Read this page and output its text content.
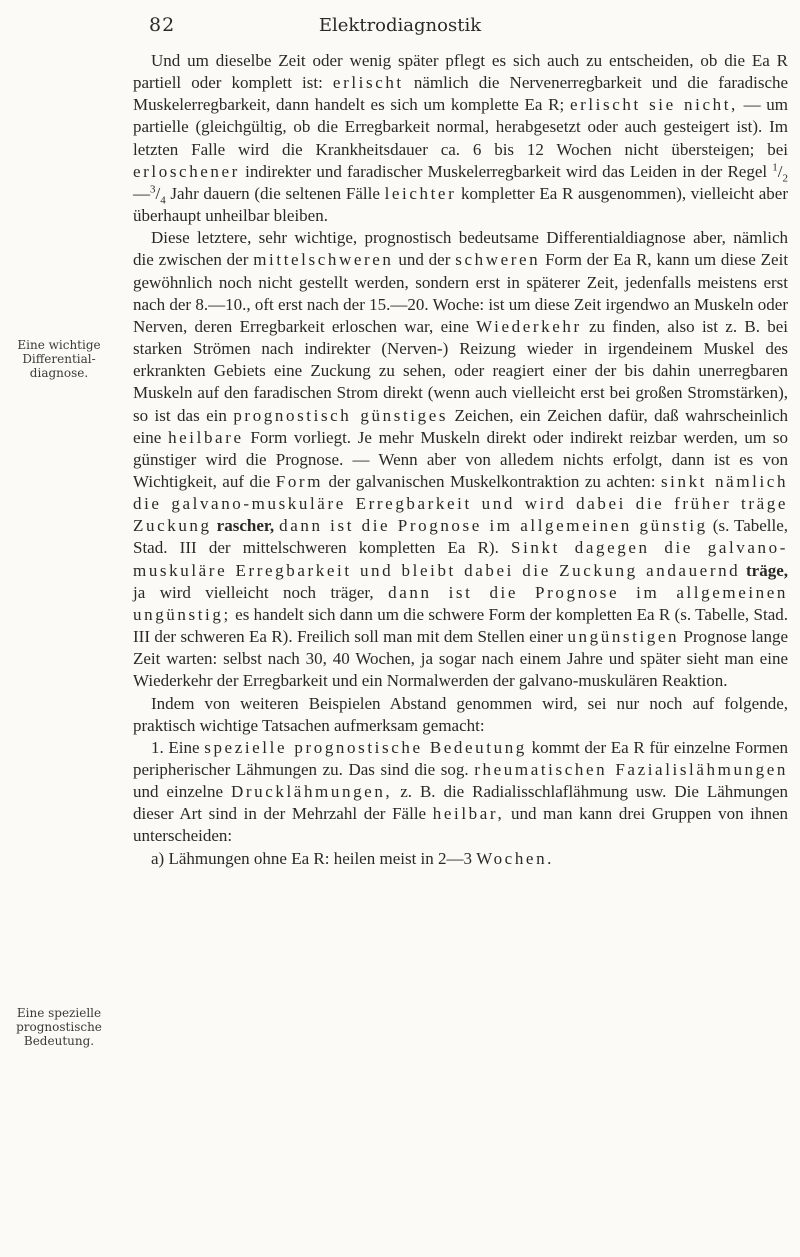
82	Elektrodiagnostik
Eine wichtige Differential-diagnose.
Eine spezielle prognostische Bedeutung.

Und um dieselbe Zeit oder wenig später pflegt es sich auch zu entscheiden, ob die Ea R partiell oder komplett ist: erlischt nämlich die Nervenerregbarkeit und die faradische Muskelerregbarkeit, dann handelt es sich um komplette Ea R; erlischt sie nicht, — um partielle (gleichgültig, ob die Erregbarkeit normal, herabgesetzt oder auch gesteigert ist). Im letzten Falle wird die Krankheitsdauer ca. 6 bis 12 Wochen nicht übersteigen; bei erloschener indirekter und faradischer Muskelerregbarkeit wird das Leiden in der Regel $^1/_2—^3/_4$ Jahr dauern (die seltenen Fälle leichter kompletter Ea R ausgenommen), vielleicht aber überhaupt unheilbar bleiben.

Diese letztere, sehr wichtige, prognostisch bedeutsame Differentialdiagnose aber, nämlich die zwischen der mittelschweren und der schweren Form der Ea R, kann um diese Zeit gewöhnlich noch nicht gestellt werden, sondern erst in späterer Zeit, jedenfalls meistens erst nach der 8.—10., oft erst nach der 15.—20. Woche: ist um diese Zeit irgendwo an Muskeln oder Nerven, deren Erregbarkeit erloschen war, eine Wiederkehr zu finden, also ist z. B. bei starken Strömen nach indirekter (Nerven-) Reizung wieder in irgendeinem Muskel des erkrankten Gebiets eine Zuckung zu sehen, oder reagiert einer der bis dahin unerregbaren Muskeln auf den faradischen Strom direkt (wenn auch vielleicht erst bei großen Stromstärken), so ist das ein prognostisch günstiges Zeichen, ein Zeichen dafür, daß wahrscheinlich eine heilbare Form vorliegt. Je mehr Muskeln direkt oder indirekt reizbar werden, um so günstiger wird die Prognose. — Wenn aber von alledem nichts erfolgt, dann ist es von Wichtigkeit, auf die Form der galvanischen Muskelkontraktion zu achten: sinkt nämlich die galvano-muskuläre Erregbarkeit und wird dabei die früher träge Zuckung rascher, dann ist die Prognose im allgemeinen günstig (s. Tabelle, Stad. III der mittelschweren kompletten Ea R). Sinkt dagegen die galvano-muskuläre Erregbarkeit und bleibt dabei die Zuckung andauernd träge, ja wird vielleicht noch träger, dann ist die Prognose im allgemeinen ungünstig; es handelt sich dann um die schwere Form der kompletten Ea R (s. Tabelle, Stad. III der schweren Ea R). Freilich soll man mit dem Stellen einer ungünstigen Prognose lange Zeit warten: selbst nach 30, 40 Wochen, ja sogar nach einem Jahre und später sieht man eine Wiederkehr der Erregbarkeit und ein Normalwerden der galvano-muskulären Reaktion.

Indem von weiteren Beispielen Abstand genommen wird, sei nur noch auf folgende, praktisch wichtige Tatsachen aufmerksam gemacht:

1. Eine spezielle prognostische Bedeutung kommt der Ea R für einzelne Formen peripherischer Lähmungen zu. Das sind die sog. rheumatischen Fazialislähmungen und einzelne Drucklähmungen, z. B. die Radialisschlaflähmung usw. Die Lähmungen dieser Art sind in der Mehrzahl der Fälle heilbar, und man kann drei Gruppen von ihnen unterscheiden:

a) Lähmungen ohne Ea R: heilen meist in 2—3 Wochen.
